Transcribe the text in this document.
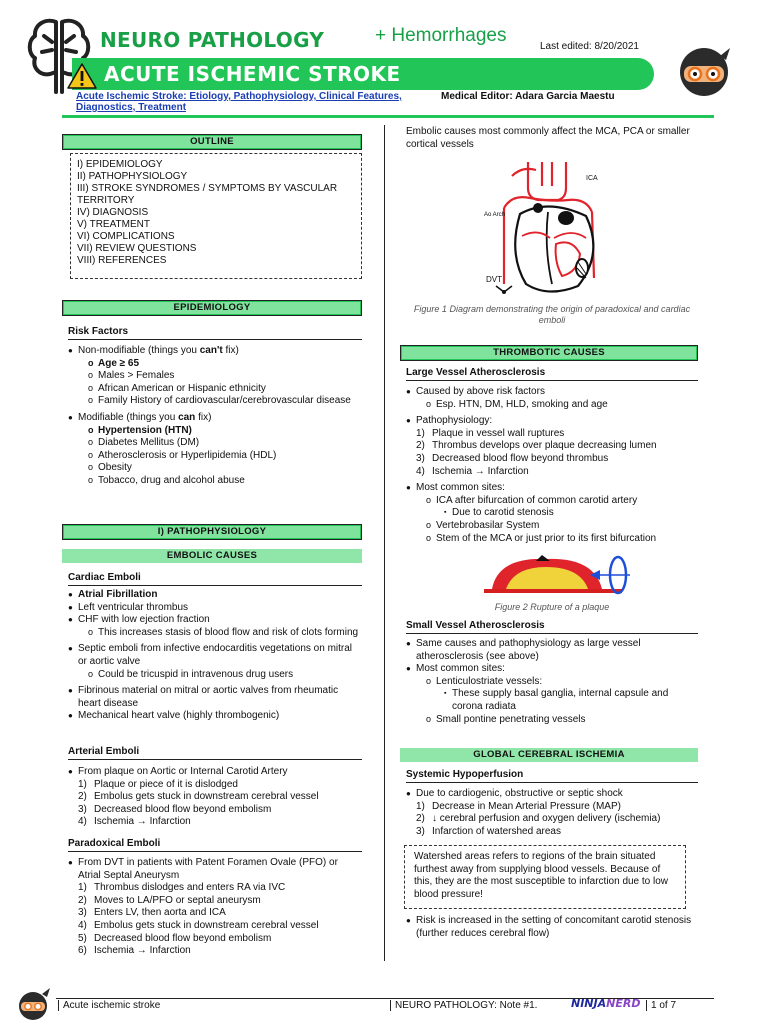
NEURO PATHOLOGY	+ Hemorrhages
Last edited: 8/20/2021
ACUTE ISCHEMIC STROKE
Acute Ischemic Stroke: Etiology, Pathophysiology, Clinical Features, Diagnostics, Treatment
Medical Editor: Adara Garcia Maestu
OUTLINE
I) EPIDEMIOLOGY
II) PATHOPHYSIOLOGY
III) STROKE SYNDROMES / SYMPTOMS BY VASCULAR TERRITORY
IV) DIAGNOSIS
V) TREATMENT
VI) COMPLICATIONS
VII) REVIEW QUESTIONS
VIII) REFERENCES
EPIDEMIOLOGY
Risk Factors
● Non-modifiable (things you can't fix)
o Age ≥ 65
o Males > Females
o African American or Hispanic ethnicity
o Family History of cardiovascular/cerebrovascular disease
● Modifiable (things you can fix)
o Hypertension (HTN)
o Diabetes Mellitus (DM)
o Atherosclerosis or Hyperlipidemia (HDL)
o Obesity
o Tobacco, drug and alcohol abuse
I) PATHOPHYSIOLOGY
EMBOLIC CAUSES
Cardiac Emboli
● Atrial Fibrillation
● Left ventricular thrombus
● CHF with low ejection fraction
o This increases stasis of blood flow and risk of clots forming
● Septic emboli from infective endocarditis vegetations on mitral or aortic valve
o Could be tricuspid in intravenous drug users
● Fibrinous material on mitral or aortic valves from rheumatic heart disease
● Mechanical heart valve (highly thrombogenic)
Arterial Emboli
● From plaque on Aortic or Internal Carotid Artery
1) Plaque or piece of it is dislodged
2) Embolus gets stuck in downstream cerebral vessel
3) Decreased blood flow beyond embolism
4) Ischemia → Infarction
Paradoxical Emboli
● From DVT in patients with Patent Foramen Ovale (PFO) or Atrial Septal Aneurysm
1) Thrombus dislodges and enters RA via IVC
2) Moves to LA/PFO or septal aneurysm
3) Enters LV, then aorta and ICA
4) Embolus gets stuck in downstream cerebral vessel
5) Decreased blood flow beyond embolism
6) Ischemia → Infarction
Embolic causes most commonly affect the MCA, PCA or smaller cortical vessels
ICA
Ao Arch
DVT
Figure 1 Diagram demonstrating the origin of paradoxical and cardiac emboli
THROMBOTIC CAUSES
Large Vessel Atherosclerosis
● Caused by above risk factors
o Esp. HTN, DM, HLD, smoking and age
● Pathophysiology:
1) Plaque in vessel wall ruptures
2) Thrombus develops over plaque decreasing lumen
3) Decreased blood flow beyond thrombus
4) Ischemia → Infarction
● Most common sites:
o ICA after bifurcation of common carotid artery
▪ Due to carotid stenosis
o Vertebrobasilar System
o Stem of the MCA or just prior to its first bifurcation
Figure 2 Rupture of a plaque
Small Vessel Atherosclerosis
● Same causes and pathophysiology as large vessel atherosclerosis (see above)
● Most common sites:
o Lenticulostriate vessels:
▪ These supply basal ganglia, internal capsule and corona radiata
o Small pontine penetrating vessels
GLOBAL CEREBRAL ISCHEMIA
Systemic Hypoperfusion
● Due to cardiogenic, obstructive or septic shock
1) Decrease in Mean Arterial Pressure (MAP)
2) ↓ cerebral perfusion and oxygen delivery (ischemia)
3) Infarction of watershed areas
Watershed areas refers to regions of the brain situated furthest away from supplying blood vessels. Because of this, they are the most susceptible to infarction due to low blood pressure!
● Risk is increased in the setting of concomitant carotid stenosis (further reduces cerebral flow)
Acute ischemic stroke	NEURO PATHOLOGY: Note #1.	NINJANERD	1 of 7
